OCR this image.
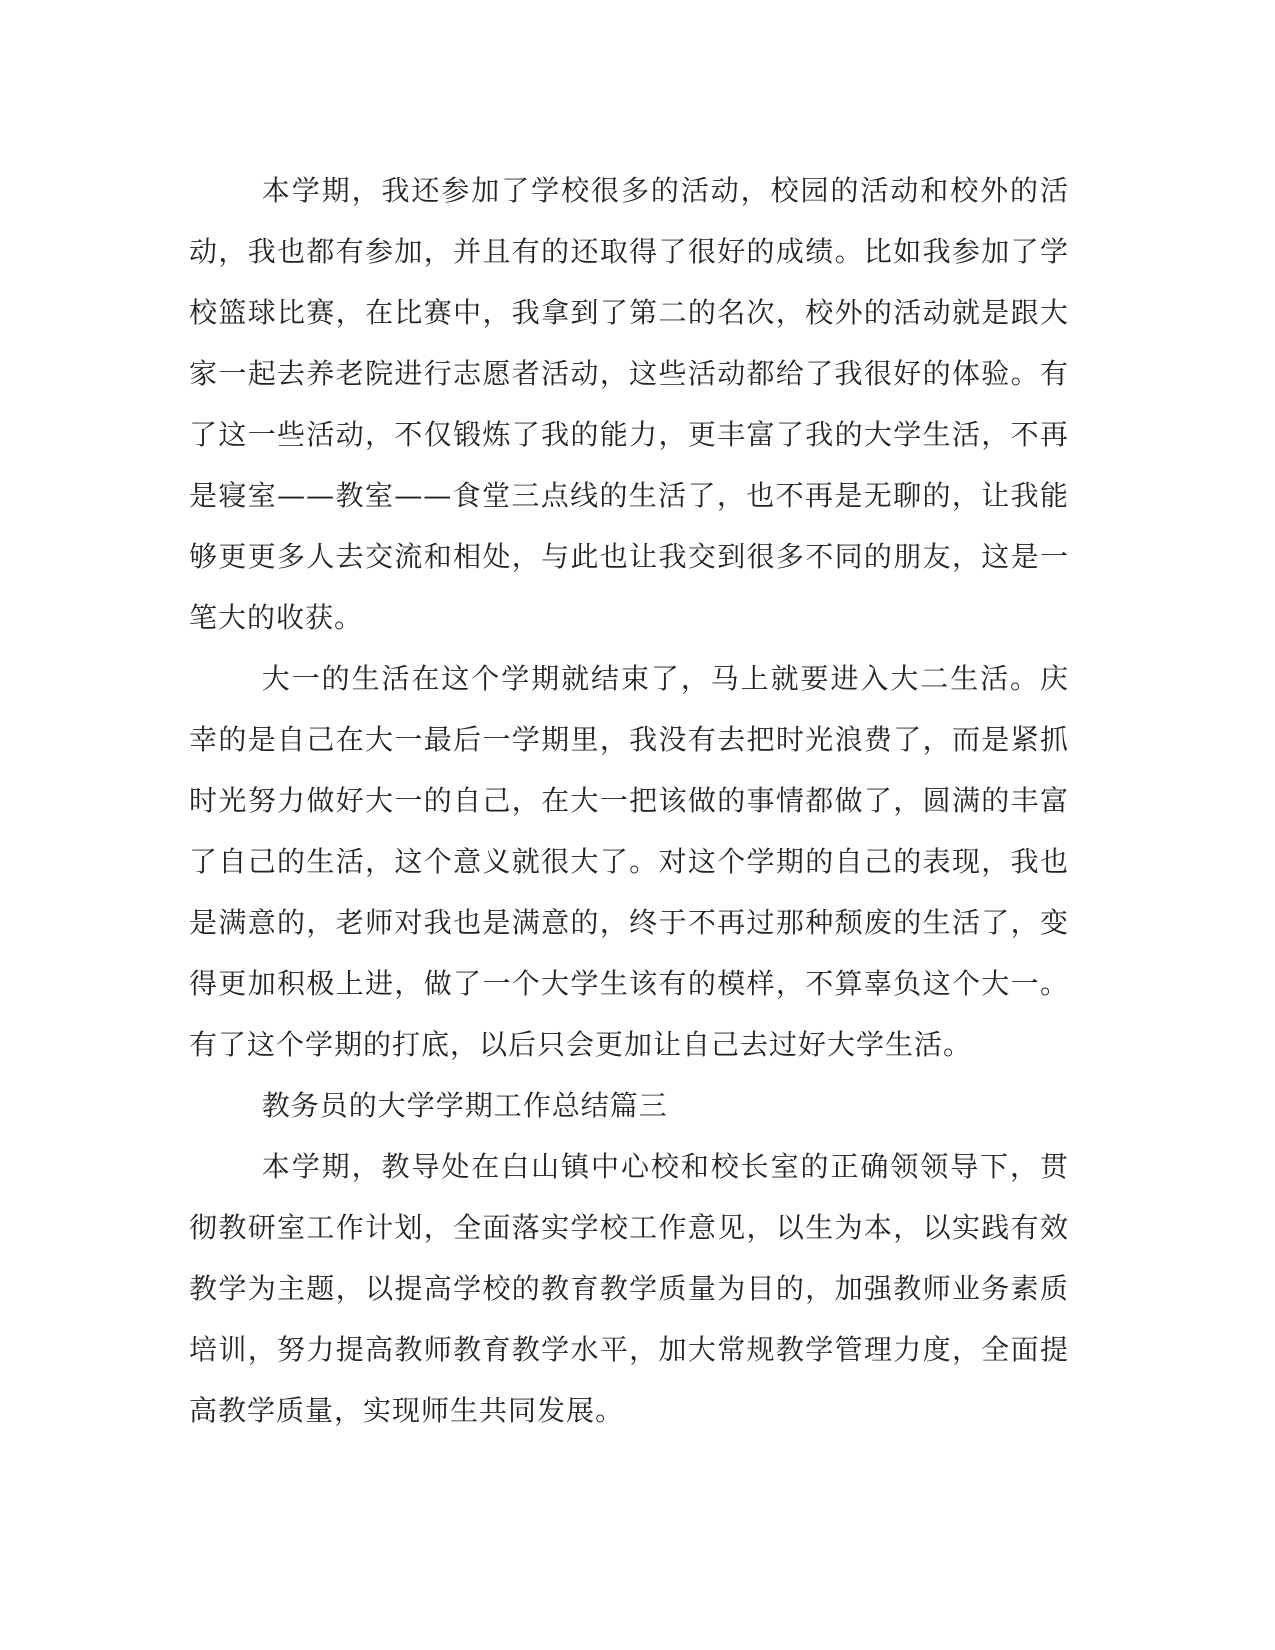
本学期，我还参加了学校很多的活动，校园的活动和校外的活动，我也都有参加，并且有的还取得了很好的成绩。比如我参加了学校篮球比赛，在比赛中，我拿到了第二的名次，校外的活动就是跟大家一起去养老院进行志愿者活动，这些活动都给了我很好的体验。有了这一些活动，不仅锻炼了我的能力，更丰富了我的大学生活，不再是寝室——教室——食堂三点线的生活了，也不再是无聊的，让我能够更更多人去交流和相处，与此也让我交到很多不同的朋友，这是一笔大的收获。

大一的生活在这个学期就结束了，马上就要进入大二生活。庆幸的是自己在大一最后一学期里，我没有去把时光浪费了，而是紧抓时光努力做好大一的自己，在大一把该做的事情都做了，圆满的丰富了自己的生活，这个意义就很大了。对这个学期的自己的表现，我也是满意的，老师对我也是满意的，终于不再过那种颓废的生活了，变得更加积极上进，做了一个大学生该有的模样，不算辜负这个大一。有了这个学期的打底，以后只会更加让自己去过好大学生活。

教务员的大学学期工作总结篇三

本学期，教导处在白山镇中心校和校长室的正确领领导下，贯彻教研室工作计划，全面落实学校工作意见，以生为本，以实践有效教学为主题，以提高学校的教育教学质量为目的，加强教师业务素质培训，努力提高教师教育教学水平，加大常规教学管理力度，全面提高教学质量，实现师生共同发展。
